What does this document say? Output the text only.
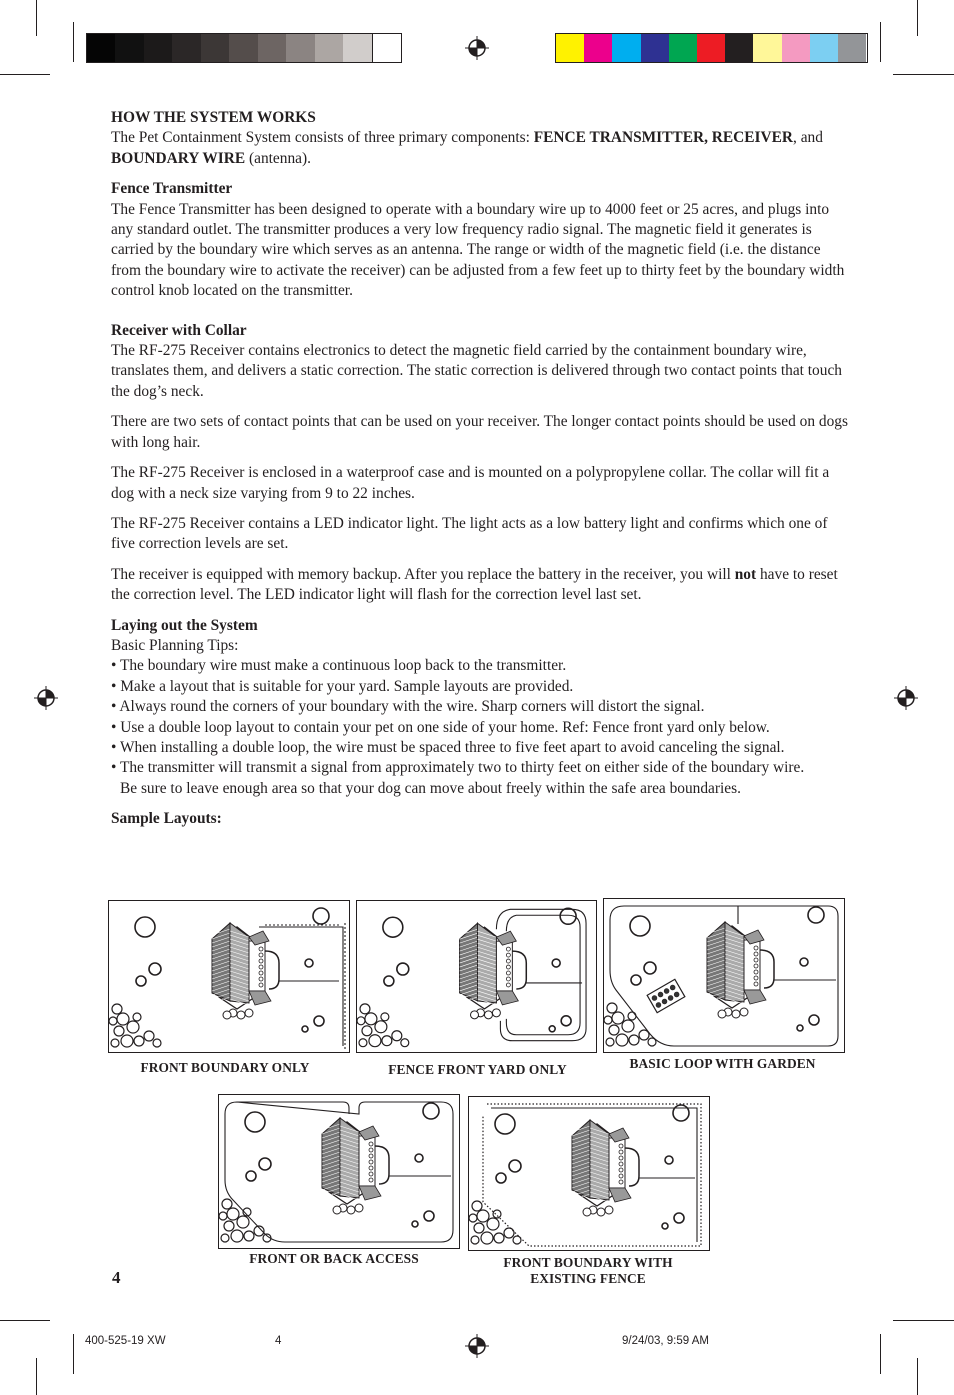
HOW THE SYSTEM WORKS

The Pet Containment System consists of three primary components: FENCE TRANSMITTER, RECEIVER, and BOUNDARY WIRE (antenna).

Fence Transmitter

The Fence Transmitter has been designed to operate with a boundary wire up to 4000 feet or 25 acres, and plugs into any standard outlet. The transmitter produces a very low frequency radio signal. The magnetic field it generates is carried by the boundary wire which serves as an antenna. The range or width of the magnetic field (i.e. the distance from the boundary wire to activate the receiver) can be adjusted from a few feet up to thirty feet by the boundary width control knob located on the transmitter.

Receiver with Collar

The RF-275 Receiver contains electronics to detect the magnetic field carried by the containment boundary wire, translates them, and delivers a static correction. The static correction is delivered through two contact points that touch the dog’s neck.

There are two sets of contact points that can be used on your receiver. The longer contact points should be used on dogs with long hair.

The RF-275 Receiver is enclosed in a waterproof case and is mounted on a polypropylene collar. The collar will fit a dog with a neck size varying from 9 to 22 inches.

The RF-275 Receiver contains a LED indicator light. The light acts as a low battery light and confirms which one of five correction levels are set.

The receiver is equipped with memory backup. After you replace the battery in the receiver, you will not have to reset the correction level. The LED indicator light will flash for the correction level last set.

Laying out the System

Basic Planning Tips:

• The boundary wire must make a continuous loop back to the transmitter.

• Make a layout that is suitable for your yard. Sample layouts are provided.

• Always round the corners of your boundary with the wire. Sharp corners will distort the signal.

• Use a double loop layout to contain your pet on one side of your home. Ref: Fence front yard only below.

• When installing a double loop, the wire must be spaced three to five feet apart to avoid canceling the signal.

• The transmitter will transmit a signal from approximately two to thirty feet on either side of the boundary wire. Be sure to leave enough area so that your dog can move about freely within the safe area boundaries.

Sample Layouts:

FRONT BOUNDARY ONLY	FENCE FRONT YARD ONLY	BASIC LOOP WITH GARDEN
FRONT OR BACK ACCESS	FRONT BOUNDARY WITH
EXISTING FENCE
4
400-525-19 XW	4	9/24/03, 9:59 AM
